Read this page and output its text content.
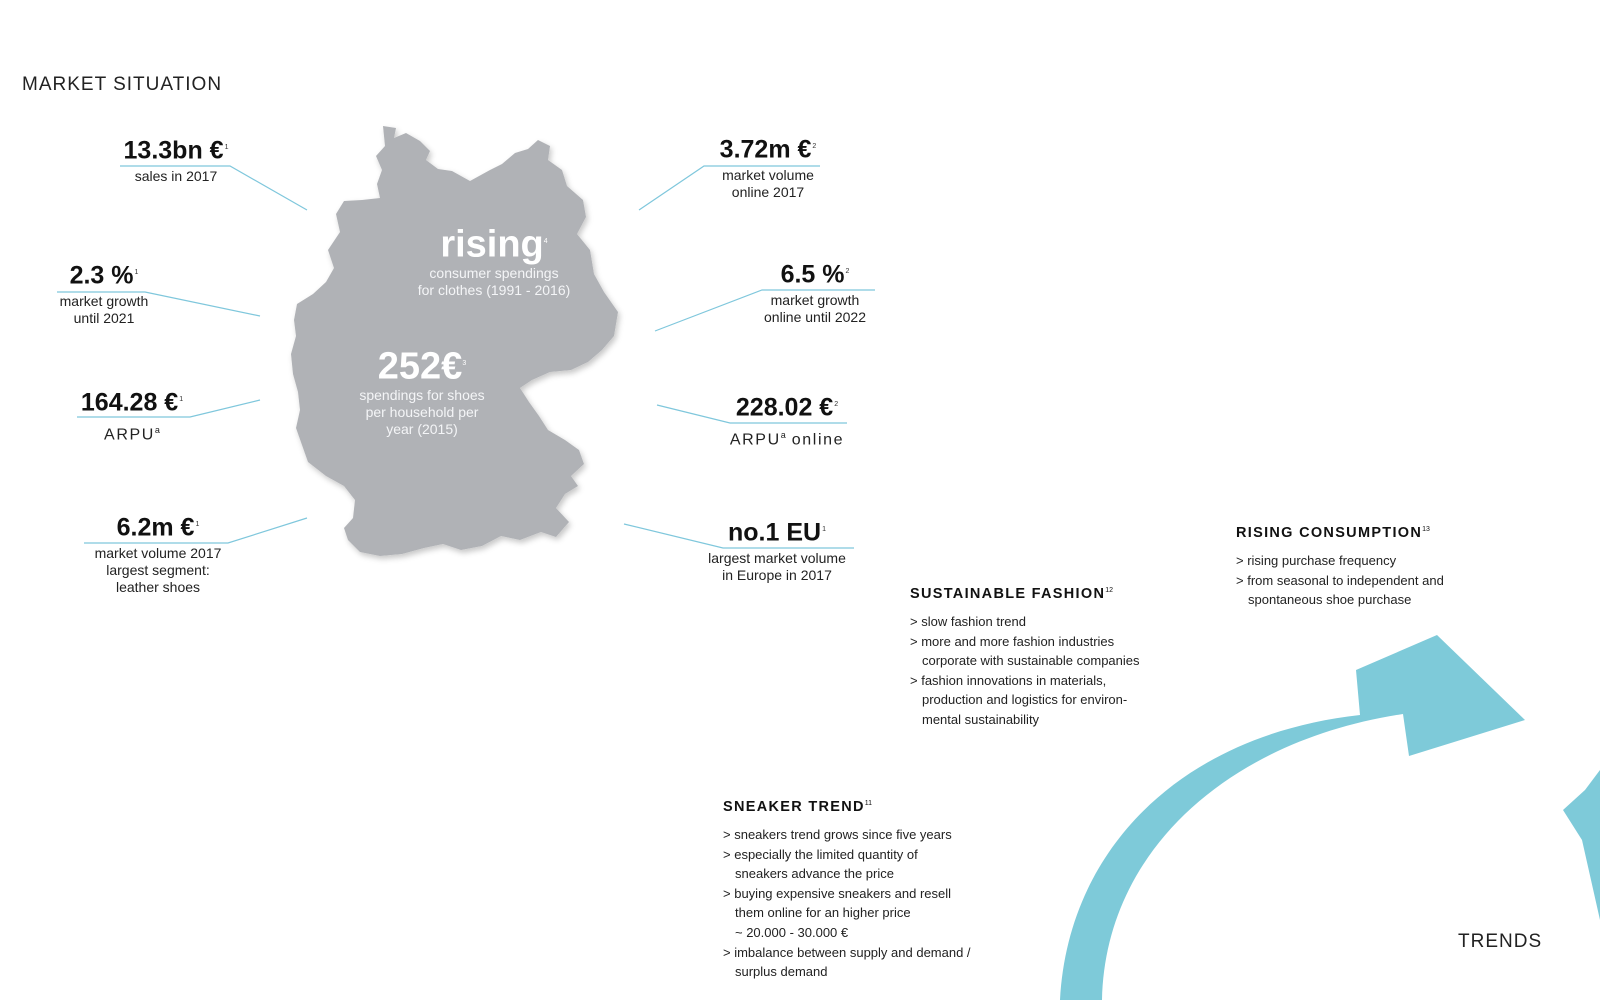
MARKET SITUATION
rising$^4$
consumer spendings
for clothes (1991 - 2016)
252€$^3$
spendings for shoes
per household per
year (2015)
13.3bn €$^1$
sales in 2017
2.3 %$^1$
market growth
until 2021
164.28 €$^1$
ARPU$^a$
6.2m €$^1$
market volume 2017
largest segment:
leather shoes
3.72m €$^2$
market volume
online 2017
6.5 %$^2$
market growth
online until 2022
228.02 €$^2$
ARPU$^a$ online
no.1 $EU^1$
largest market volume
in Europe in 2017
TRENDS
RISING $CONSUMPTION^{13}$
> rising purchase frequency
> from seasonal to independent and
spontaneous shoe purchase
SUSTAINABLE $FASHION^{12}$
> slow fashion trend
> more and more fashion industries
corporate with sustainable companies
> fashion innovations in materials,
production and logistics for environ-
mental sustainability
SNEAKER $TREND^{11}$
> sneakers trend grows since five years
> especially the limited quantity of
sneakers advance the price
> buying expensive sneakers and resell
them online for an higher price
~ 20.000 - 30.000 €
> imbalance between supply and demand /
surplus demand
